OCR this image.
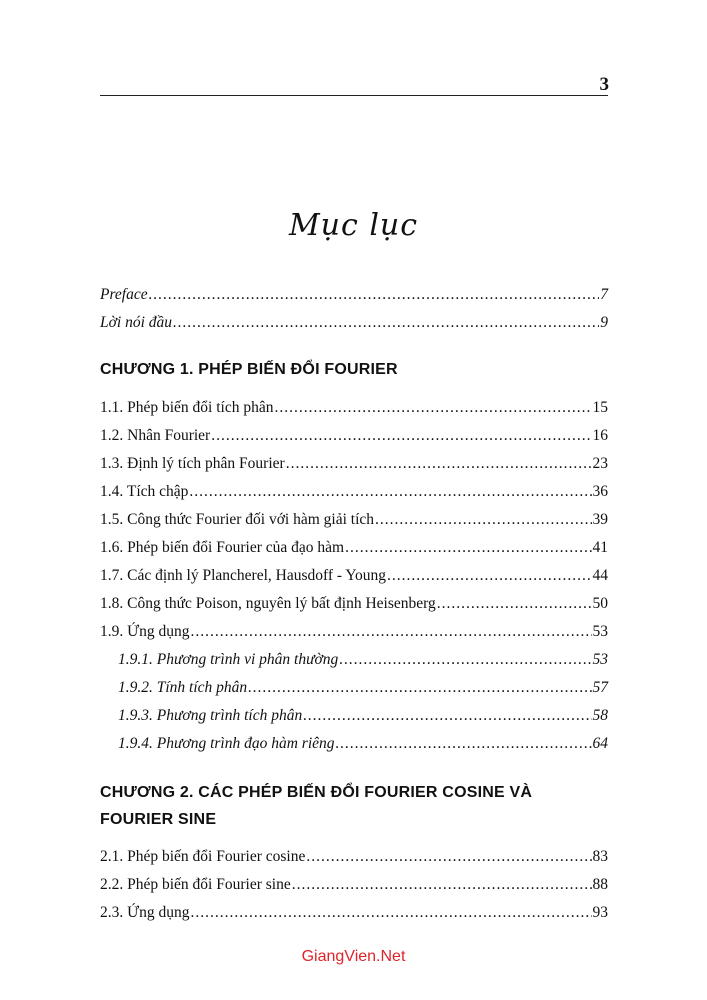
3
Mục lục
Preface .....	7
Lời nói đầu .....	9
CHƯƠNG 1. PHÉP BIẾN ĐỔI FOURIER
1.1. Phép biến đổi tích phân .....	15
1.2. Nhân Fourier .....	16
1.3. Định lý tích phân Fourier .....	23
1.4. Tích chập .....	36
1.5. Công thức Fourier đối với hàm giải tích .....	39
1.6. Phép biến đổi Fourier của đạo hàm .....	41
1.7. Các định lý Plancherel, Hausdoff - Young .....	44
1.8. Công thức Poison, nguyên lý bất định Heisenberg .....	50
1.9. Ứng dụng .....	53
1.9.1. Phương trình vi phân thường .....	53
1.9.2. Tính tích phân .....	57
1.9.3. Phương trình tích phân .....	58
1.9.4. Phương trình đạo hàm riêng .....	64
CHƯƠNG 2. CÁC PHÉP BIẾN ĐỔI FOURIER COSINE VÀ FOURIER SINE
2.1. Phép biến đổi Fourier cosine .....	83
2.2. Phép biến đổi Fourier sine .....	88
2.3. Ứng dụng .....	93
GiangVien.Net
